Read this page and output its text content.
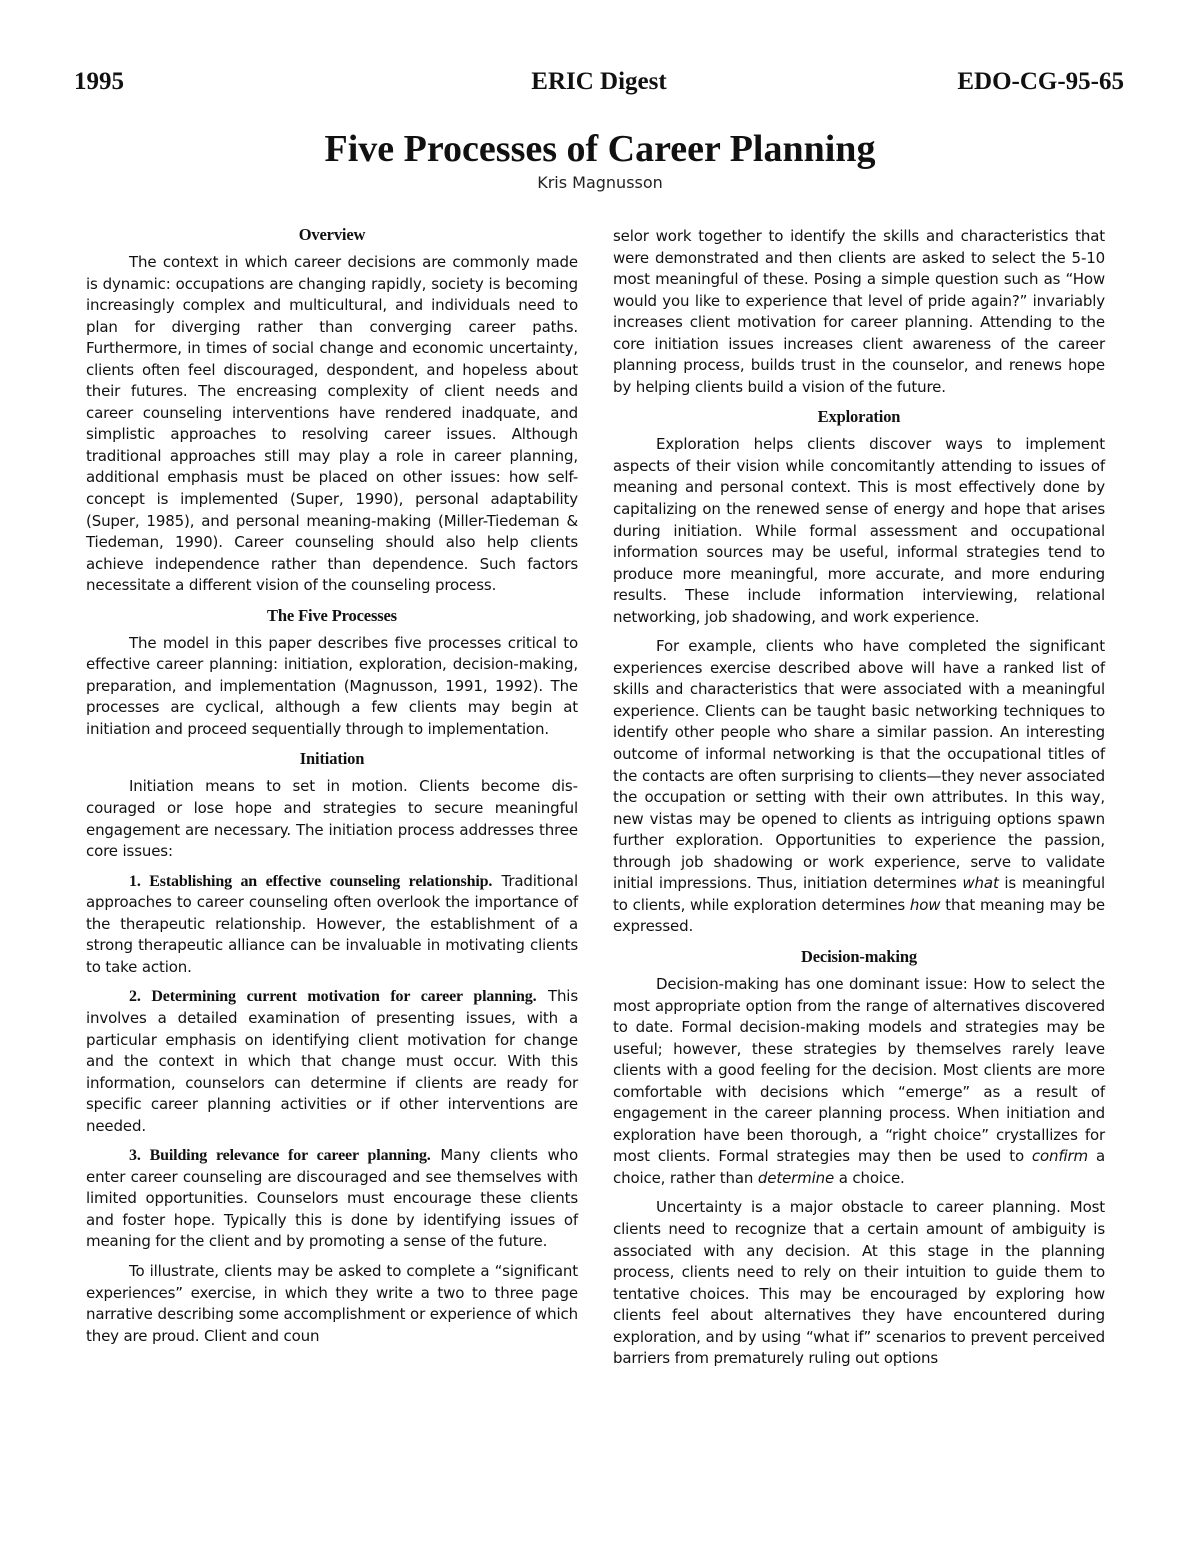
1995	ERIC Digest	EDO-CG-95-65
Five Processes of Career Planning
Kris Magnusson
Overview

The context in which career decisions are commonly made is dynamic: occupations are changing rapidly, society is becoming increasingly complex and multicultural, and individuals need to plan for diverging rather than converging career paths. Furthermore, in times of social change and economic uncertainty, clients often feel discouraged, despondent, and hopeless about their futures. The encreasing complexity of client needs and career counseling interventions have rendered inadquate, and simplistic approaches to resolving career issues. Although traditional approaches still may play a role in career planning, additional emphasis must be placed on other issues: how self-concept is implemented (Super, 1990), personal adaptability (Super, 1985), and personal meaning-making (Miller-Tiedeman & Tiedeman, 1990). Career counseling should also help clients achieve independence rather than dependence. Such factors necessitate a different vision of the counseling process.

The Five Processes

The model in this paper describes five processes critical to effective career planning: initiation, exploration, decision-making, preparation, and implementation (Magnusson, 1991, 1992). The processes are cyclical, although a few clients may begin at initiation and proceed sequentially through to implementation.

Initiation

Initiation means to set in motion. Clients become discouraged or lose hope and strategies to secure meaningful engagement are necessary. The initiation process addresses three core issues:

1. Establishing an effective counseling relationship. Traditional approaches to career counseling often overlook the importance of the therapeutic relationship. However, the establishment of a strong therapeutic alliance can be invaluable in motivating clients to take action.

2. Determining current motivation for career planning. This involves a detailed examination of presenting issues, with a particular emphasis on identifying client motivation for change and the context in which that change must occur. With this information, counselors can determine if clients are ready for specific career planning activities or if other interventions are needed.

3. Building relevance for career planning. Many clients who enter career counseling are discouraged and see themselves with limited opportunities. Counselors must encourage these clients and foster hope. Typically this is done by identifying issues of meaning for the client and by promoting a sense of the future.

To illustrate, clients may be asked to complete a “significant experiences” exercise, in which they write a two to three page narrative describing some accomplishment or experience of which they are proud. Client and coun

selor work together to identify the skills and characteristics that were demonstrated and then clients are asked to select the 5-10 most meaningful of these. Posing a simple question such as “How would you like to experience that level of pride again?” invariably increases client motivation for career planning. Attending to the core initiation issues increases client awareness of the career planning process, builds trust in the counselor, and renews hope by helping clients build a vision of the future.

Exploration

Exploration helps clients discover ways to implement aspects of their vision while concomitantly attending to issues of meaning and personal context. This is most effectively done by capitalizing on the renewed sense of energy and hope that arises during initiation. While formal assessment and occupational information sources may be useful, informal strategies tend to produce more meaningful, more accurate, and more enduring results. These include information interviewing, relational networking, job shadowing, and work experience.

For example, clients who have completed the significant experiences exercise described above will have a ranked list of skills and characteristics that were associated with a meaningful experience. Clients can be taught basic networking techniques to identify other people who share a similar passion. An interesting outcome of informal networking is that the occupational titles of the contacts are often surprising to clients—they never associated the occupation or setting with their own attributes. In this way, new vistas may be opened to clients as intriguing options spawn further exploration. Opportunities to experience the passion, through job shadowing or work experience, serve to validate initial impressions. Thus, initiation determines what is meaningful to clients, while exploration determines how that meaning may be expressed.

Decision-making

Decision-making has one dominant issue: How to select the most appropriate option from the range of alternatives discovered to date. Formal decision-making models and strategies may be useful; however, these strategies by themselves rarely leave clients with a good feeling for the decision. Most clients are more comfortable with decisions which “emerge” as a result of engagement in the career planning process. When initiation and exploration have been thorough, a “right choice” crystallizes for most clients. Formal strategies may then be used to confirm a choice, rather than determine a choice.

Uncertainty is a major obstacle to career planning. Most clients need to recognize that a certain amount of ambiguity is associated with any decision. At this stage in the planning process, clients need to rely on their intuition to guide them to tentative choices. This may be encouraged by exploring how clients feel about alternatives they have encountered during exploration, and by using “what if” scenarios to prevent perceived barriers from prematurely ruling out options
